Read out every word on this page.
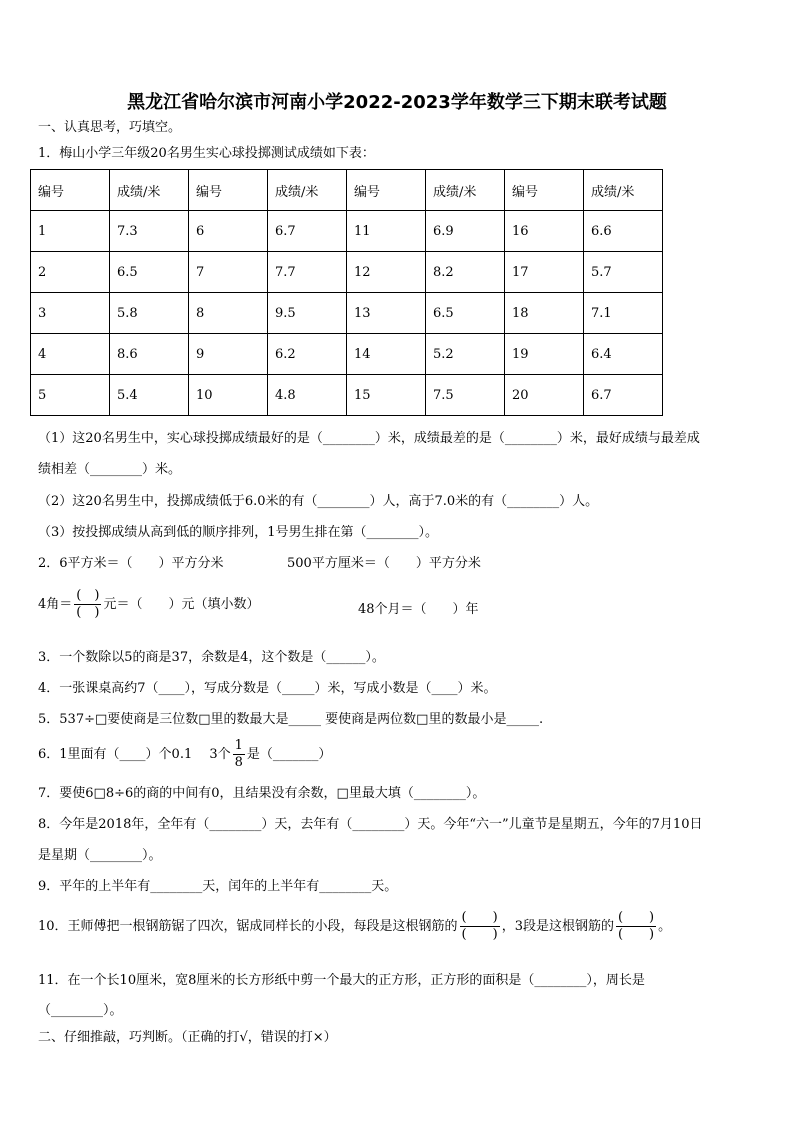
黑龙江省哈尔滨市河南小学2022-2023学年数学三下期末联考试题
一、认真思考，巧填空。
1．梅山小学三年级20名男生实心球投掷测试成绩如下表：
编号	成绩/米	编号	成绩/米	编号	成绩/米	编号	成绩/米
1	7.3	6	6.7	11	6.9	16	6.6
2	6.5	7	7.7	12	8.2	17	5.7
3	5.8	8	9.5	13	6.5	18	7.1
4	8.6	9	6.2	14	5.2	19	6.4
5	5.4	10	4.8	15	7.5	20	6.7
（1）这20名男生中，实心球投掷成绩最好的是（________）米，成绩最差的是（________）米，最好成绩与最差成
绩相差（________）米。
（2）这20名男生中，投掷成绩低于6.0米的有（________）人，高于7.0米的有（________）人。
（3）按投掷成绩从高到低的顺序排列，1号男生排在第（________）。
2．6平方米＝（　　）平方分米	500平方厘米＝（　　）平方分米
4角＝ $\frac{( )}{( )}$ 元＝（　　）元（填小数）	48个月＝（　　）年
3．一个数除以5的商是37，余数是4，这个数是（______）。
4．一张课桌高约7（____），写成分数是（_____）米，写成小数是（____）米。
5．537÷□要使商是三位数□里的数最大是_____ 要使商是两位数□里的数最小是_____.
6．1里面有（____）个0.1　 3个 $\frac{1}{8}$ 是（_______）
7．要使6□8÷6的商的中间有0，且结果没有余数，□里最大填（________）。
8．今年是2018年，全年有（________）天，去年有（________）天。今年“六一”儿童节是星期五，今年的7月10日
是星期（________）。
9．平年的上半年有________天，闰年的上半年有________天。
10．王师傅把一根钢筋锯了四次，锯成同样长的小段，每段是这根钢筋的 $\frac{( )}{( )}$ ，3段是这根钢筋的 $\frac{( )}{( )}$ 。
11．在一个长10厘米，宽8厘米的长方形纸中剪一个最大的正方形，正方形的面积是（________），周长是
（________）。
二、仔细推敲，巧判断。（正确的打√，错误的打×）
